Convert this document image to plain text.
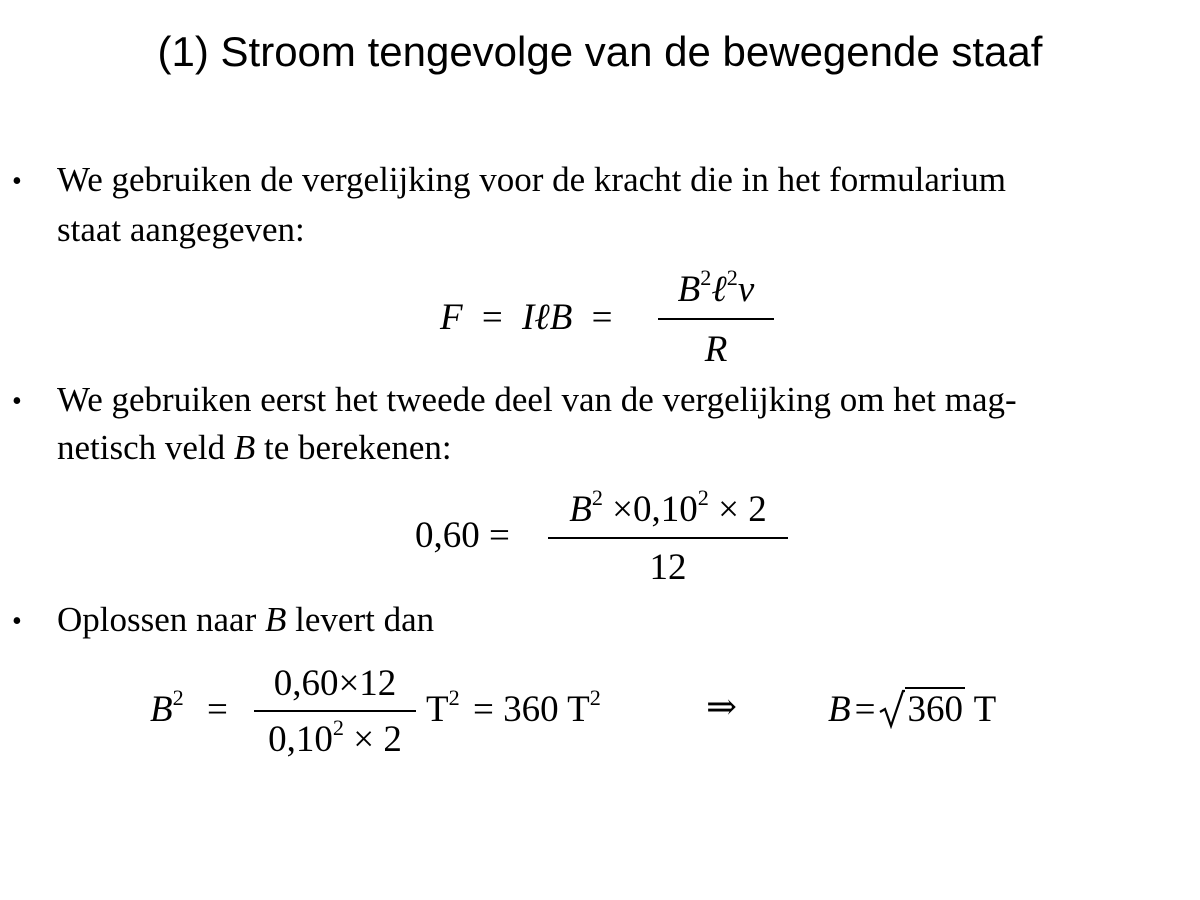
(1) Stroom tengevolge van de bewegende staaf
• We gebruiken de vergelijking voor de kracht die in het formularium
staat aangegeven:
F = IℓB =
$B^2\ell^2v$
R
• We gebruiken eerst het tweede deel van de vergelijking om het mag-
netisch veld B te berekenen:
0,60 =
$B^2 \times 0,10^2 \times 2$
12
• Oplossen naar B levert dan
$B^2$ =
0,60×12
$0,10^2 \times 2$
$T^2 = 360$ $T^2$	⇒ B = 360 T
